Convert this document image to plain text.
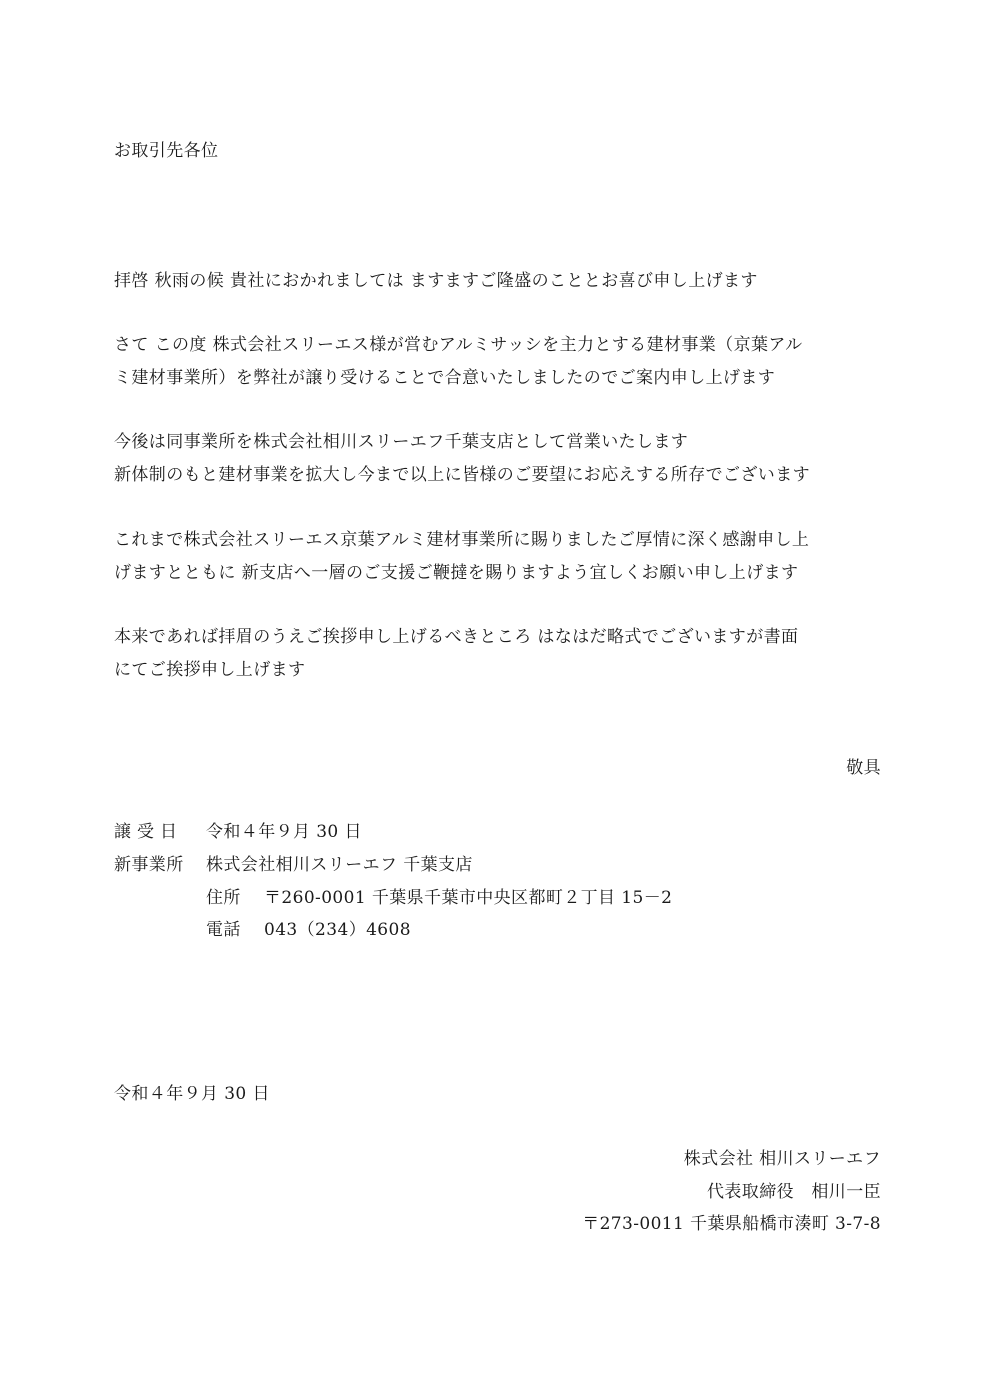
お取引先各位
拝啓 秋雨の候 貴社におかれましては ますますご隆盛のこととお喜び申し上げます
さて この度 株式会社スリーエス様が営むアルミサッシを主力とする建材事業（京葉アル
ミ建材事業所）を弊社が譲り受けることで合意いたしましたのでご案内申し上げます
今後は同事業所を株式会社相川スリーエフ千葉支店として営業いたします
新体制のもと建材事業を拡大し今まで以上に皆様のご要望にお応えする所存でございます
これまで株式会社スリーエス京葉アルミ建材事業所に賜りましたご厚情に深く感謝申し上
げますとともに 新支店へ一層のご支援ご鞭撻を賜りますよう宜しくお願い申し上げます
本来であれば拝眉のうえご挨拶申し上げるべきところ はなはだ略式でございますが書面
にてご挨拶申し上げます
敬具
譲受日 令和４年９月 30 日
新事業所 株式会社相川スリーエフ 千葉支店
住所 〒260-0001 千葉県千葉市中央区都町２丁目 15－2
電話 043（234）4608
令和４年９月 30 日
株式会社 相川スリーエフ
代表取締役　相川一臣
〒273-0011 千葉県船橋市湊町 3-7-8
